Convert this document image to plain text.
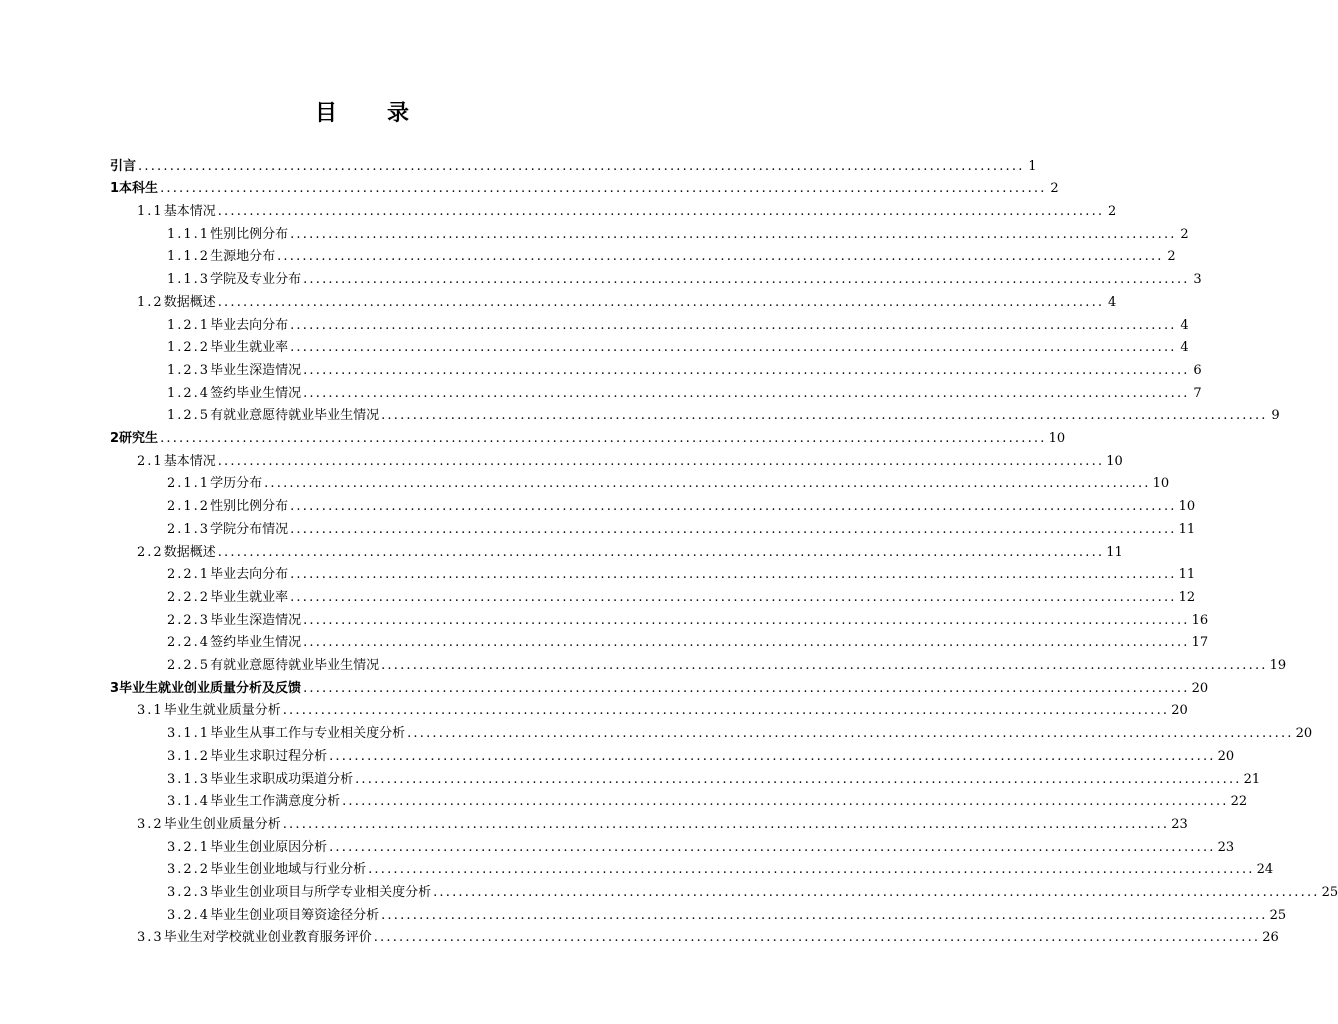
目 录
引 言 ............................................................................................................................................ 1
1 本科生 ............................................................................................................................................ 2
1.1 基本情况 ............................................................................................................................................ 2
1.1.1 性别比例分布 ............................................................................................................................................ 2
1.1.2 生源地分布 ............................................................................................................................................ 2
1.1.3 学院及专业分布 ............................................................................................................................................ 3
1.2 数据概述 ............................................................................................................................................ 4
1.2.1 毕业去向分布 ............................................................................................................................................ 4
1.2.2 毕业生就业率 ............................................................................................................................................ 4
1.2.3 毕业生深造情况 ............................................................................................................................................ 6
1.2.4 签约毕业生情况 ............................................................................................................................................ 7
1.2.5 有就业意愿待就业毕业生情况 ............................................................................................................................................ 9
2 研究生 ............................................................................................................................................ 10
2.1 基本情况 ............................................................................................................................................ 10
2.1.1 学历分布 ............................................................................................................................................ 10
2.1.2 性别比例分布 ............................................................................................................................................ 10
2.1.3 学院分布情况 ............................................................................................................................................ 11
2.2 数据概述 ............................................................................................................................................ 11
2.2.1 毕业去向分布 ............................................................................................................................................ 11
2.2.2 毕业生就业率 ............................................................................................................................................ 12
2.2.3 毕业生深造情况 ............................................................................................................................................ 16
2.2.4 签约毕业生情况 ............................................................................................................................................ 17
2.2.5 有就业意愿待就业毕业生情况 ............................................................................................................................................ 19
3 毕业生就业创业质量分析及反馈 ............................................................................................................................................ 20
3.1 毕业生就业质量分析 ............................................................................................................................................ 20
3.1.1 毕业生从事工作与专业相关度分析 ............................................................................................................................................ 20
3.1.2 毕业生求职过程分析 ............................................................................................................................................ 20
3.1.3 毕业生求职成功渠道分析 ............................................................................................................................................ 21
3.1.4 毕业生工作满意度分析 ............................................................................................................................................ 22
3.2 毕业生创业质量分析 ............................................................................................................................................ 23
3.2.1 毕业生创业原因分析 ............................................................................................................................................ 23
3.2.2 毕业生创业地域与行业分析 ............................................................................................................................................ 24
3.2.3 毕业生创业项目与所学专业相关度分析 ............................................................................................................................................ 25
3.2.4 毕业生创业项目筹资途径分析 ............................................................................................................................................ 25
3.3 毕业生对学校就业创业教育服务评价 ............................................................................................................................................ 26
